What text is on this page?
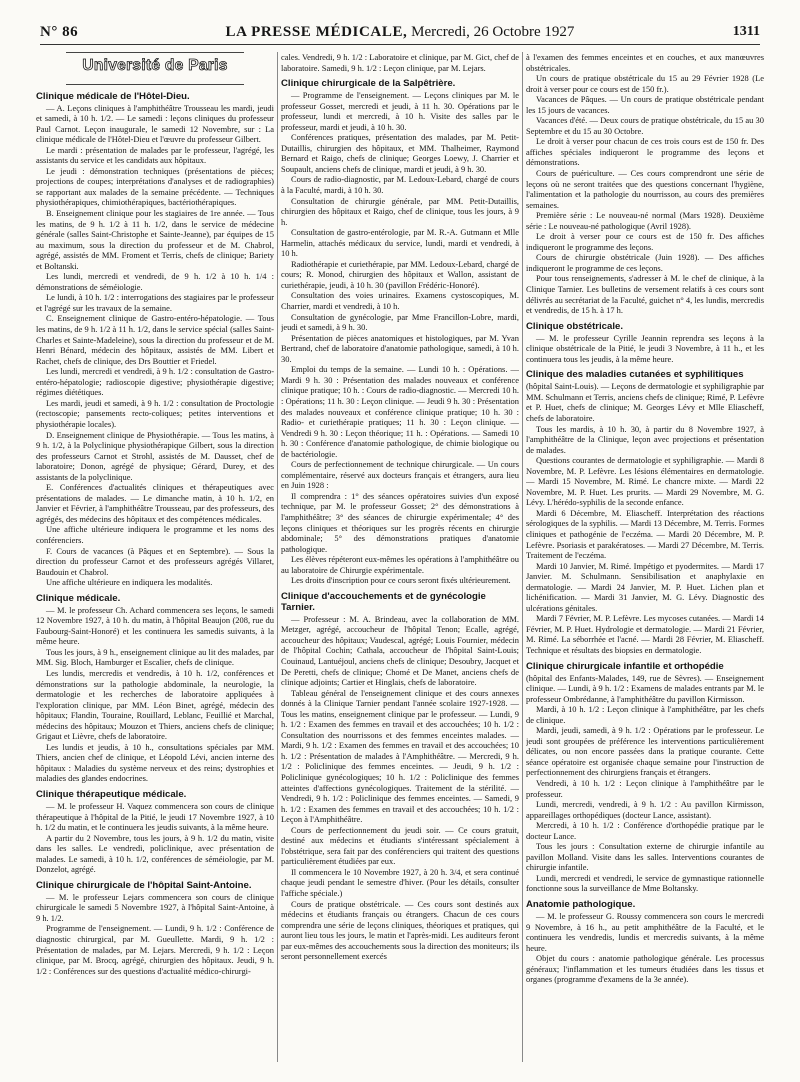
N° 86	LA PRESSE MÉDICALE, Mercredi, 26 Octobre 1927	1311
Université de Paris
Clinique médicale de l'Hôtel-Dieu.

— A. Leçons cliniques à l'amphithéâtre Trousseau les mardi, jeudi et samedi, à 10 h. 1/2. — Le samedi : leçons cliniques du professeur Paul Carnot. Leçon inaugurale, le samedi 12 Novembre, sur : La clinique médicale de l'Hôtel-Dieu et l'œuvre du professeur Gilbert.

Le mardi : présentation de malades par le professeur, l'agrégé, les assistants du service et les candidats aux hôpitaux.

Le jeudi : démonstration techniques (présentations de pièces; projections de coupes; interprétations d'analyses et de radiographies) se rapportant aux malades de la semaine précédente. — Techniques physiothérapiques, chimiothérapiques, bactériothérapiques.

B. Enseignement clinique pour les stagiaires de 1re année. — Tous les matins, de 9 h. 1/2 à 11 h. 1/2, dans le service de médecine générale (salles Saint-Christophe et Sainte-Jeanne), par équipes de 15 au maximum, sous la direction du professeur et de M. Chabrol, agrégé, assistés de MM. Froment et Terris, chefs de clinique; Bariety et Boltanski.

Les lundi, mercredi et vendredi, de 9 h. 1/2 à 10 h. 1/4 : démonstrations de séméiologie.

Le lundi, à 10 h. 1/2 : interrogations des stagiaires par le professeur et l'agrégé sur les travaux de la semaine.

C. Enseignement clinique de Gastro-entéro-hépatologie. — Tous les matins, de 9 h. 1/2 à 11 h. 1/2, dans le service spécial (salles Saint-Charles et Sainte-Madeleine), sous la direction du professeur et de M. Henri Bénard, médecin des hôpitaux, assistés de MM. Libert et Rachet, chefs de clinique, des Drs Bouttier et Friedel.

Les lundi, mercredi et vendredi, à 9 h. 1/2 : consultation de Gastro-entéro-hépatologie; radioscopie digestive; physiothérapie digestive; régimes diététiques.

Les mardi, jeudi et samedi, à 9 h. 1/2 : consultation de Proctologie (rectoscopie; pansements recto-coliques; petites interventions et physiothérapie locales).

D. Enseignement clinique de Physiothérapie. — Tous les matins, à 9 h. 1/2, à la Polyclinique physiothérapique Gilbert, sous la direction des professeurs Carnot et Strohl, assistés de M. Dausset, chef de laboratoire; Donon, agrégé de physique; Gérard, Durey, et des assistants de la polyclinique.

E. Conférences d'actualités cliniques et thérapeutiques avec présentations de malades. — Le dimanche matin, à 10 h. 1/2, en Janvier et Février, à l'amphithéâtre Trousseau, par des professeurs, des agrégés, des médecins des hôpitaux et des compétences médicales.

Une affiche ultérieure indiquera le programme et les noms des conférenciers.

F. Cours de vacances (à Pâques et en Septembre). — Sous la direction du professeur Carnot et des professeurs agrégés Villaret, Baudouin et Chabrol.

Une affiche ultérieure en indiquera les modalités.

Clinique médicale.

— M. le professeur Ch. Achard commencera ses leçons, le samedi 12 Novembre 1927, à 10 h. du matin, à l'hôpital Beaujon (208, rue du Faubourg-Saint-Honoré) et les continuera les samedis suivants, à la même heure.

Tous les jours, à 9 h., enseignement clinique au lit des malades, par MM. Sig. Bloch, Hamburger et Escalier, chefs de clinique.

Les lundis, mercredis et vendredis, à 10 h. 1/2, conférences et démonstrations sur la pathologie abdominale, la neurologie, la dermatologie et les recherches de laboratoire appliquées à l'exploration clinique, par MM. Léon Binet, agrégé, médecin des hôpitaux; Flandin, Touraine, Rouillard, Leblanc, Feuillié et Marchal, médecins des hôpitaux; Mouzon et Thiers, anciens chefs de clinique; Grigaut et Lièvre, chefs de laboratoire.

Les lundis et jeudis, à 10 h., consultations spéciales par MM. Thiers, ancien chef de clinique, et Léopold Lévi, ancien interne des hôpitaux : Maladies du système nerveux et des reins; dystrophies et maladies des glandes endocrines.

Clinique thérapeutique médicale.

— M. le professeur H. Vaquez commencera son cours de clinique thérapeutique à l'hôpital de la Pitié, le jeudi 17 Novembre 1927, à 10 h. 1/2 du matin, et le continuera les jeudis suivants, à la même heure.

A partir du 2 Novembre, tous les jours, à 9 h. 1/2 du matin, visite dans les salles. Le vendredi, policlinique, avec présentation de malades. Le samedi, à 10 h. 1/2, conférences de séméiologie, par M. Donzelot, agrégé.

Clinique chirurgicale de l'hôpital Saint-Antoine.

— M. le professeur Lejars commencera son cours de clinique chirurgicale le samedi 5 Novembre 1927, à l'hôpital Saint-Antoine, à 9 h. 1/2.

Programme de l'enseignement. — Lundi, 9 h. 1/2 : Conférence de diagnostic chirurgical, par M. Gueullette. Mardi, 9 h. 1/2 : Présentation de malades, par M. Lejars. Mercredi, 9 h. 1/2 : Leçon clinique, par M. Brocq, agrégé, chirurgien des hôpitaux. Jeudi, 9 h. 1/2 : Conférences sur des questions d'actualité médico-chirurgi-

cales. Vendredi, 9 h. 1/2 : Laboratoire et clinique, par M. Gict, chef de laboratoire. Samedi, 9 h. 1/2 : Leçon clinique, par M. Lejars.

Clinique chirurgicale de la Salpêtrière.

— Programme de l'enseignement. — Leçons cliniques par M. le professeur Gosset, mercredi et jeudi, à 11 h. 30. Opérations par le professeur, lundi et mercredi, à 10 h. Visite des salles par le professeur, mardi et jeudi, à 10 h. 30.

Conférences pratiques, présentation des malades, par M. Petit-Dutaillis, chirurgien des hôpitaux, et MM. Thalheimer, Raymond Bernard et Raigo, chefs de clinique; Georges Loewy, J. Charrier et Soupault, anciens chefs de clinique, mardi et jeudi, à 9 h. 30.

Cours de radio-diagnostic, par M. Ledoux-Lebard, chargé de cours à la Faculté, mardi, à 10 h. 30.

Consultation de chirurgie générale, par MM. Petit-Dutaillis, chirurgien des hôpitaux et Raigo, chef de clinique, tous les jours, à 9 h.

Consultation de gastro-entérologie, par M. R.-A. Gutmann et Mlle Harmelin, attachés médicaux du service, lundi, mardi et vendredi, à 10 h.

Radiothérapie et curiethérapie, par MM. Ledoux-Lebard, chargé de cours; R. Monod, chirurgien des hôpitaux et Wallon, assistant de curiethérapie, jeudi, à 10 h. 30 (pavillon Frédéric-Honoré).

Consultation des voies urinaires. Examens cystoscopiques, M. Charrier, mardi et vendredi, à 10 h.

Consultation de gynécologie, par Mme Francillon-Lobre, mardi, jeudi et samedi, à 9 h. 30.

Présentation de pièces anatomiques et histologiques, par M. Yvan Bertrand, chef de laboratoire d'anatomie pathologique, samedi, à 10 h. 30.

Emploi du temps de la semaine. — Lundi 10 h. : Opérations. — Mardi 9 h. 30 : Présentation des malades nouveaux et conférence clinique pratique; 10 h. : Cours de radio-diagnostic. — Mercredi 10 h. : Opérations; 11 h. 30 : Leçon clinique. — Jeudi 9 h. 30 : Présentation des malades nouveaux et conférence clinique pratique; 10 h. 30 : Radio- et curiethérapie pratiques; 11 h. 30 : Leçon clinique. — Vendredi 9 h. 30 : Leçon théorique; 11 h. : Opérations. — Samedi 10 h. 30 : Conférence d'anatomie pathologique, de chimie biologique ou de bactériologie.

Cours de perfectionnement de technique chirurgicale. — Un cours complémentaire, réservé aux docteurs français et étrangers, aura lieu en Juin 1928 :

Il comprendra : 1° des séances opératoires suivies d'un exposé technique, par M. le professeur Gosset; 2° des démonstrations à l'amphithéâtre; 3° des séances de chirurgie expérimentale; 4° des leçons cliniques et théoriques sur les progrès récents en chirurgie abdominale; 5° des démonstrations pratiques d'anatomie pathologique.

Les élèves répéteront eux-mêmes les opérations à l'amphithéâtre ou au laboratoire de Chirurgie expérimentale.

Les droits d'inscription pour ce cours seront fixés ultérieurement.

Clinique d'accouchements et de gynécologie Tarnier.

— Professeur : M. A. Brindeau, avec la collaboration de MM. Metzger, agrégé, accoucheur de l'hôpital Tenon; Ecalle, agrégé, accoucheur des hôpitaux; Vaudescal, agrégé; Louis Fournier, médecin de l'hôpital Cochin; Cathala, accoucheur de l'hôpital Saint-Louis; Couinaud, Lantuéjoul, anciens chefs de clinique; Desoubry, Jacquet et De Peretti, chefs de clinique; Chomé et De Manet, anciens chefs de clinique adjoints; Cartier et Hinglais, chefs de laboratoire.

Tableau général de l'enseignement clinique et des cours annexes donnés à la Clinique Tarnier pendant l'année scolaire 1927-1928. — Tous les matins, enseignement clinique par le professeur. — Lundi, 9 h. 1/2 : Examen des femmes en travail et des accouchées; 10 h. 1/2 : Consultation des nourrissons et des femmes enceintes malades. — Mardi, 9 h. 1/2 : Examen des femmes en travail et des accouchées; 10 h. 1/2 : Présentation de malades à l'Amphithéâtre. — Mercredi, 9 h. 1/2 : Policlinique des femmes enceintes. — Jeudi, 9 h. 1/2 : Policlinique gynécologiques; 10 h. 1/2 : Policlinique des femmes atteintes d'affections gynécologiques. Traitement de la stérilité. — Vendredi, 9 h. 1/2 : Policlinique des femmes enceintes. — Samedi, 9 h. 1/2 : Examen des femmes en travail et des accouchées; 10 h. 1/2 : Leçon à l'Amphithéâtre.

Cours de perfectionnement du jeudi soir. — Ce cours gratuit, destiné aux médecins et étudiants s'intéressant spécialement à l'obstétrique, sera fait par des conférenciers qui traitent des questions particulièrement étudiées par eux.

Il commencera le 10 Novembre 1927, à 20 h. 3/4, et sera continué chaque jeudi pendant le semestre d'hiver. (Pour les détails, consulter l'affiche spéciale.)

Cours de pratique obstétricale. — Ces cours sont destinés aux médecins et étudiants français ou étrangers. Chacun de ces cours comprendra une série de leçons cliniques, théoriques et pratiques, qui auront lieu tous les jours, le matin et l'après-midi. Les auditeurs feront par eux-mêmes des accouchements sous la direction des moniteurs; ils seront personnellement exercés

à l'examen des femmes enceintes et en couches, et aux manœuvres obstétricales.

Un cours de pratique obstétricale du 15 au 29 Février 1928 (Le droit à verser pour ce cours est de 150 fr.).

Vacances de Pâques. — Un cours de pratique obstétricale pendant les 15 jours de vacances.

Vacances d'été. — Deux cours de pratique obstétricale, du 15 au 30 Septembre et du 15 au 30 Octobre.

Le droit à verser pour chacun de ces trois cours est de 150 fr. Des affiches spéciales indiqueront le programme des leçons et démonstrations.

Cours de puériculture. — Ces cours comprendront une série de leçons où ne seront traitées que des questions concernant l'hygiène, l'alimentation et la pathologie du nourrisson, au cours des premières semaines.

Première série : Le nouveau-né normal (Mars 1928). Deuxième série : Le nouveau-né pathologique (Avril 1928).

Le droit à verser pour ce cours est de 150 fr. Des affiches indiqueront le programme des leçons.

Cours de chirurgie obstétricale (Juin 1928). — Des affiches indiqueront le programme de ces leçons.

Pour tous renseignements, s'adresser à M. le chef de clinique, à la Clinique Tarnier. Les bulletins de versement relatifs à ces cours sont délivrés au secrétariat de la Faculté, guichet n° 4, les lundis, mercredis et vendredis, de 15 h. à 17 h.

Clinique obstétricale.

— M. le professeur Cyrille Jeannin reprendra ses leçons à la clinique obstétricale de la Pitié, le jeudi 3 Novembre, à 11 h., et les continuera tous les jeudis, à la même heure.

Clinique des maladies cutanées et syphilitiques

(hôpital Saint-Louis). — Leçons de dermatologie et syphiligraphie par MM. Schulmann et Terris, anciens chefs de clinique; Rimé, P. Lefèvre et P. Huet, chefs de clinique; M. Georges Lévy et Mlle Eliascheff, chefs de laboratoire.

Tous les mardis, à 10 h. 30, à partir du 8 Novembre 1927, à l'amphithéâtre de la Clinique, leçon avec projections et présentation de malades.

Questions courantes de dermatologie et syphiligraphie. — Mardi 8 Novembre, M. P. Lefèvre. Les lésions élémentaires en dermatologie. — Mardi 15 Novembre, M. Rimé. Le chancre mixte. — Mardi 22 Novembre, M. P. Huet. Les prurits. — Mardi 29 Novembre, M. G. Lévy. L'hérédo-syphilis de la seconde enfance.

Mardi 6 Décembre, M. Eliascheff. Interprétation des réactions sérologiques de la syphilis. — Mardi 13 Décembre, M. Terris. Formes cliniques et pathogénie de l'eczéma. — Mardi 20 Décembre, M. P. Lefèvre. Psoriasis et parakératoses. — Mardi 27 Décembre, M. Terris. Traitement de l'eczéma.

Mardi 10 Janvier, M. Rimé. Impétigo et pyodermites. — Mardi 17 Janvier. M. Schulmann. Sensibilisation et anaphylaxie en dermatologie. — Mardi 24 Janvier, M. P. Huet. Lichen plan et lichénification. — Mardi 31 Janvier, M. G. Lévy. Diagnostic des ulcérations génitales.

Mardi 7 Février, M. P. Lefèvre. Les mycoses cutanées. — Mardi 14 Février, M. P. Huet. Hydrologie et dermatologie. — Mardi 21 Février, M. Rimé. La séborrhée et l'acné. — Mardi 28 Février, M. Eliascheff. Technique et résultats des biopsies en dermatologie.

Clinique chirurgicale infantile et orthopédie

(hôpital des Enfants-Malades, 149, rue de Sèvres). — Enseignement clinique. — Lundi, à 9 h. 1/2 : Examens de malades entrants par M. le professeur Ombrédanne, à l'amphithéâtre du pavillon Kirmisson.

Mardi, à 10 h. 1/2 : Leçon clinique à l'amphithéâtre, par les chefs de clinique.

Mardi, jeudi, samedi, à 9 h. 1/2 : Opérations par le professeur. Le jeudi sont groupées de préférence les interventions particulièrement délicates, ou non encore passées dans la pratique courante. Cette séance opératoire est organisée chaque semaine pour l'instruction de perfectionnement des chirurgiens français et étrangers.

Vendredi, à 10 h. 1/2 : Leçon clinique à l'amphithéâtre par le professeur.

Lundi, mercredi, vendredi, à 9 h. 1/2 : Au pavillon Kirmisson, appareillages orthopédiques (docteur Lance, assistant).

Mercredi, à 10 h. 1/2 : Conférence d'orthopédie pratique par le docteur Lance.

Tous les jours : Consultation externe de chirurgie infantile au pavillon Molland. Visite dans les salles. Interventions courantes de chirurgie infantile.

Lundi, mercredi et vendredi, le service de gymnastique rationnelle fonctionne sous la surveillance de Mme Boltansky.

Anatomie pathologique.

— M. le professeur G. Roussy commencera son cours le mercredi 9 Novembre, à 16 h., au petit amphithéâtre de la Faculté, et le continuera les vendredis, lundis et mercredis suivants, à la même heure.

Objet du cours : anatomie pathologique générale. Les processus généraux; l'inflammation et les tumeurs étudiées dans les tissus et organes (programme d'examens de la 3e année).
